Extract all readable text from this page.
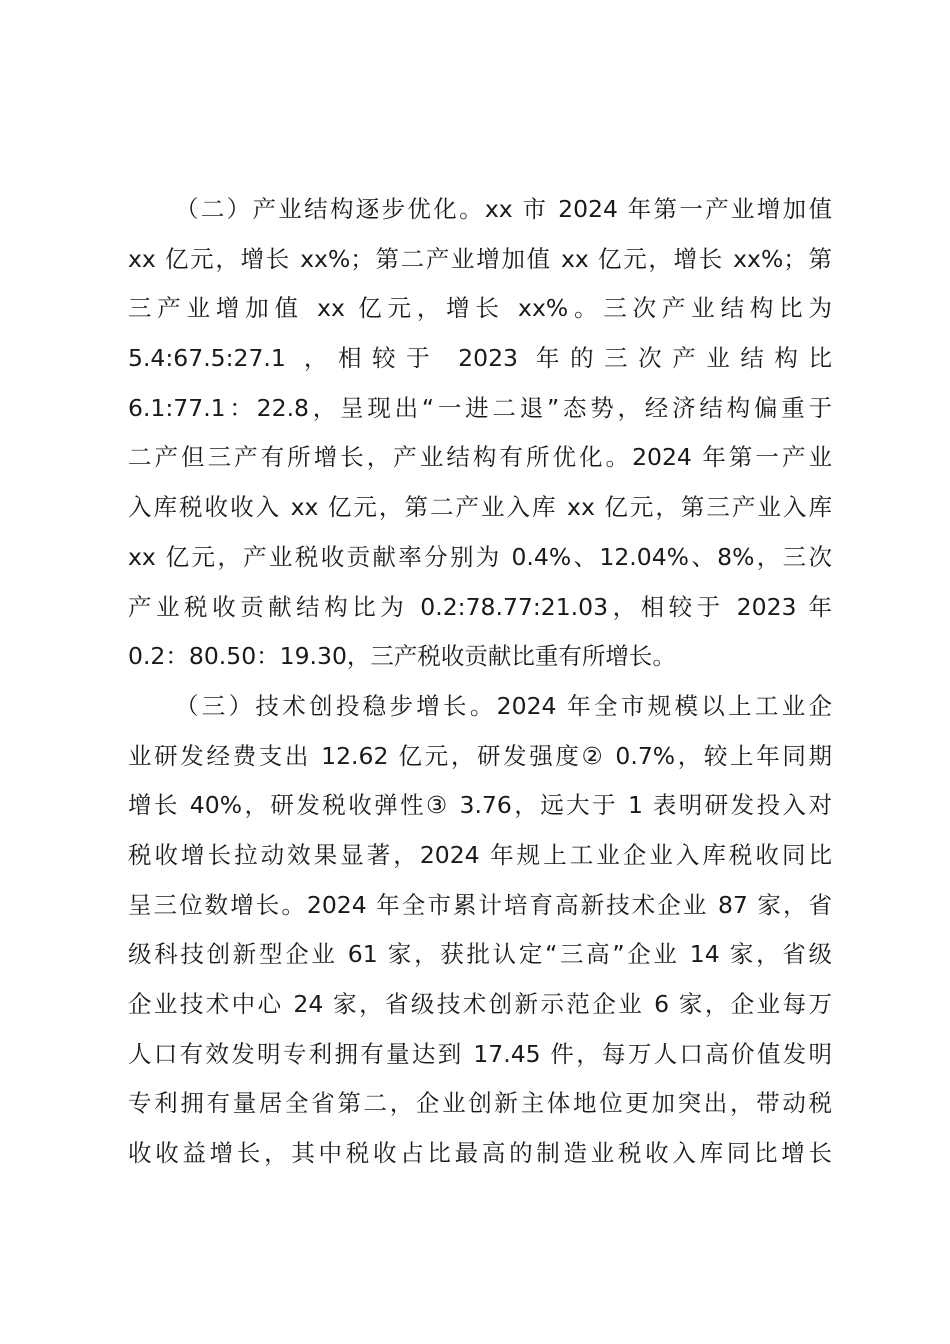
（二）产业结构逐步优化。xx 市 2024 年第一产业增加值
xx 亿元，增长 xx%；第二产业增加值 xx 亿元，增长 xx%；第
三产业增加值 xx 亿元，增长 xx%。三次产业结构比为
5.4:67.5:27.1 ，相较于 2023 年的三次产业结构比
6.1:77.1：22.8，呈现出“一进二退”态势，经济结构偏重于
二产但三产有所增长，产业结构有所优化。2024 年第一产业
入库税收收入 xx 亿元，第二产业入库 xx 亿元，第三产业入库
xx 亿元，产业税收贡献率分别为 0.4%、12.04%、8%，三次
产业税收贡献结构比为 0.2:78.77:21.03，相较于 2023 年
0.2：80.50：19.30，三产税收贡献比重有所增长。
（三）技术创投稳步增长。2024 年全市规模以上工业企
业研发经费支出 12.62 亿元，研发强度② 0.7%，较上年同期
增长 40%，研发税收弹性③ 3.76，远大于 1 表明研发投入对
税收增长拉动效果显著，2024 年规上工业企业入库税收同比
呈三位数增长。2024 年全市累计培育高新技术企业 87 家，省
级科技创新型企业 61 家，获批认定“三高”企业 14 家，省级
企业技术中心 24 家，省级技术创新示范企业 6 家，企业每万
人口有效发明专利拥有量达到 17.45 件，每万人口高价值发明
专利拥有量居全省第二，企业创新主体地位更加突出，带动税
收收益增长，其中税收占比最高的制造业税收入库同比增长
